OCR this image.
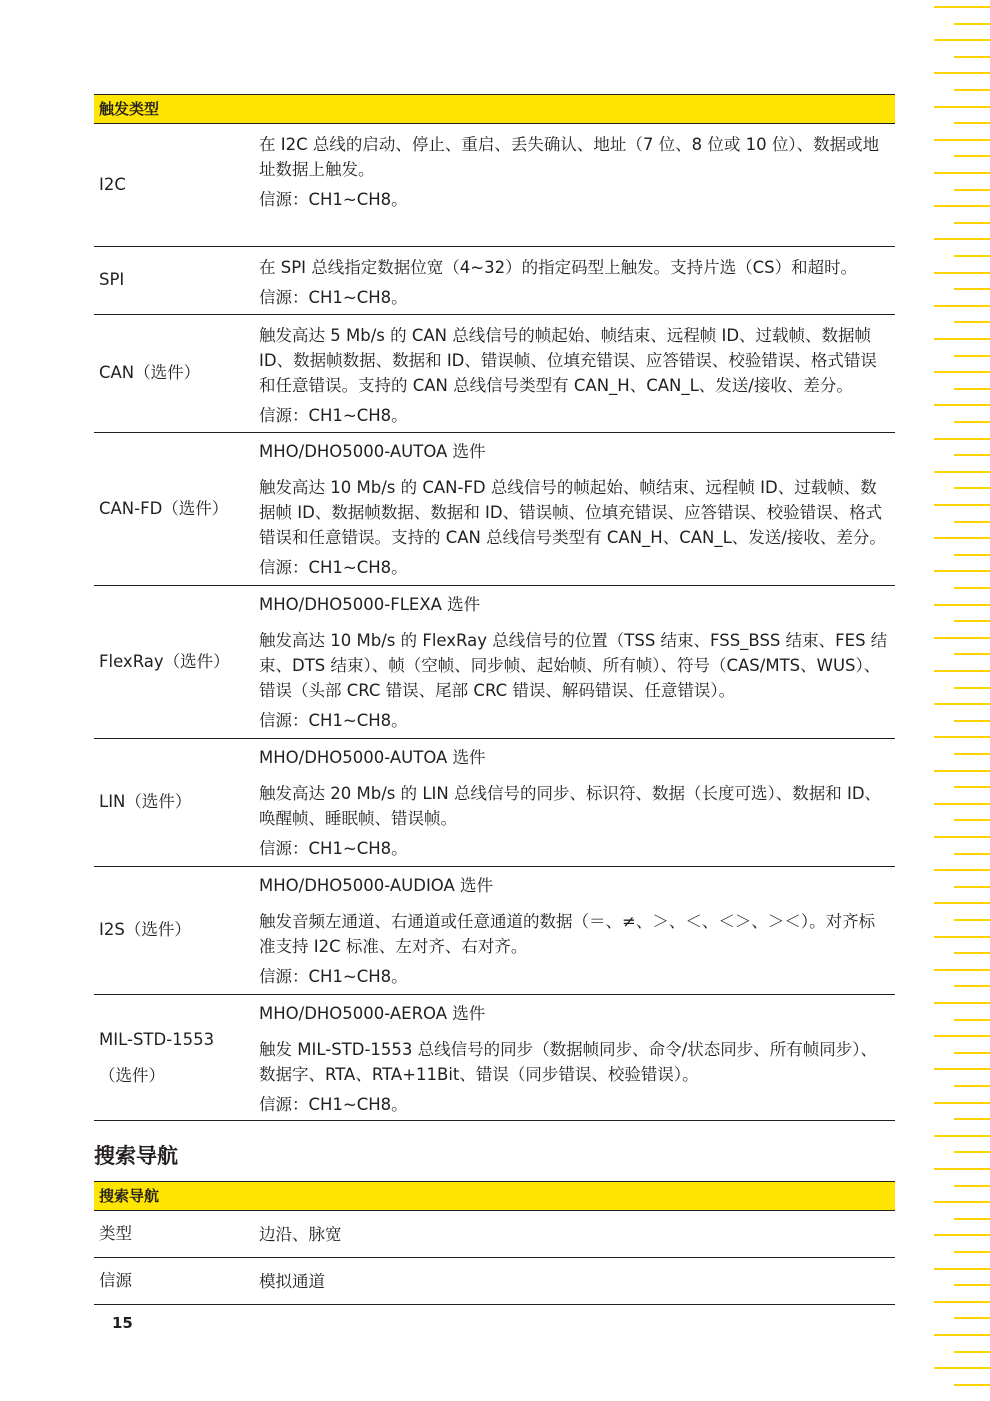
触发类型
I2C

在 I2C 总线的启动、停止、重启、丢失确认、地址（7 位、8 位或 10 位）、数据或地址数据上触发。

信源：CH1~CH8。

SPI

在 SPI 总线指定数据位宽（4~32）的指定码型上触发。支持片选（CS）和超时。

信源：CH1~CH8。

CAN（选件）

触发高达 5 Mb/s 的 CAN 总线信号的帧起始、帧结束、远程帧 ID、过载帧、数据帧 ID、数据帧数据、数据和 ID、错误帧、位填充错误、应答错误、校验错误、格式错误和任意错误。支持的 CAN 总线信号类型有 CAN_H、CAN_L、发送/接收、差分。

信源：CH1~CH8。

CAN-FD（选件）

MHO/DHO5000-AUTOA 选件

触发高达 10 Mb/s 的 CAN-FD 总线信号的帧起始、帧结束、远程帧 ID、过载帧、数据帧 ID、数据帧数据、数据和 ID、错误帧、位填充错误、应答错误、校验错误、格式错误和任意错误。支持的 CAN 总线信号类型有 CAN_H、CAN_L、发送/接收、差分。

信源：CH1~CH8。

FlexRay（选件）

MHO/DHO5000-FLEXA 选件

触发高达 10 Mb/s 的 FlexRay 总线信号的位置（TSS 结束、FSS_BSS 结束、FES 结束、DTS 结束）、帧（空帧、同步帧、起始帧、所有帧）、符号（CAS/MTS、WUS）、错误（头部 CRC 错误、尾部 CRC 错误、解码错误、任意错误）。

信源：CH1~CH8。

LIN（选件）

MHO/DHO5000-AUTOA 选件

触发高达 20 Mb/s 的 LIN 总线信号的同步、标识符、数据（长度可选）、数据和 ID、唤醒帧、睡眠帧、错误帧。

信源：CH1~CH8。

I2S（选件）

MHO/DHO5000-AUDIOA 选件

触发音频左通道、右通道或任意通道的数据（＝、≠、＞、＜、＜＞、＞＜）。对齐标准支持 I2C 标准、左对齐、右对齐。

信源：CH1~CH8。

MIL-STD-1553
（选件）

MHO/DHO5000-AEROA 选件

触发 MIL-STD-1553 总线信号的同步（数据帧同步、命令/状态同步、所有帧同步）、数据字、RTA、RTA+11Bit、错误（同步错误、校验错误）。

信源：CH1~CH8。

搜索导航
搜索导航
类型	边沿、脉宽
信源	模拟通道
15
